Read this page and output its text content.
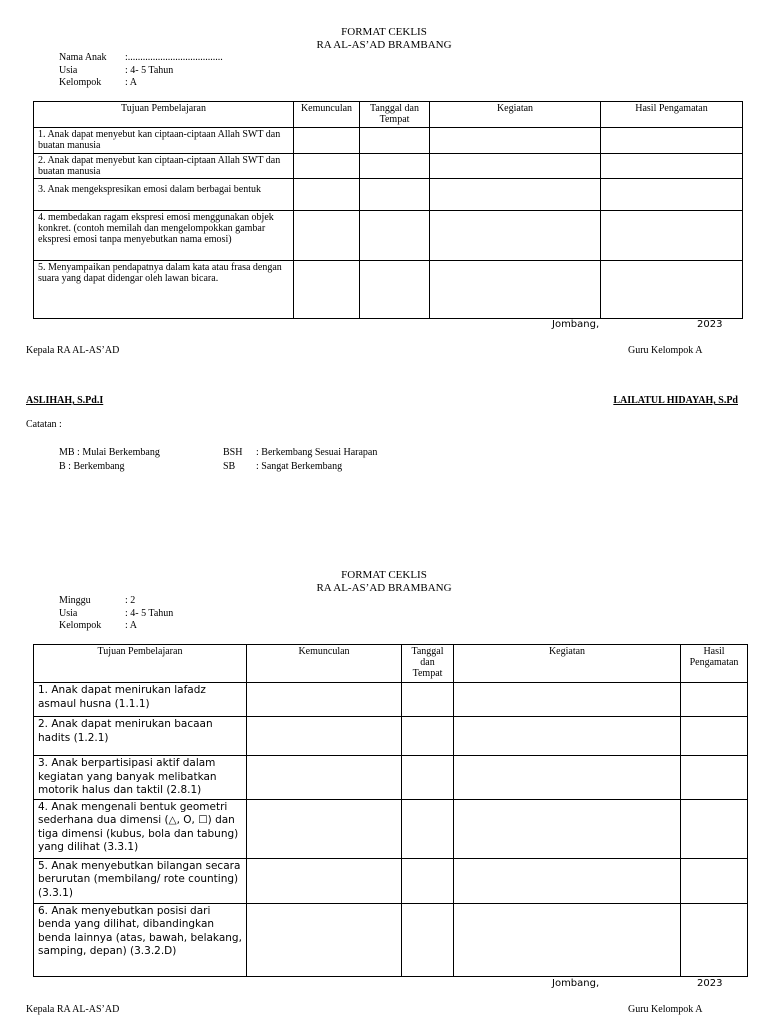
FORMAT CEKLIS
RA AL-AS’AD BRAMBANG
Nama Anak :......................................
Usia	: 4- 5 Tahun
Kelompok : A
Tujuan Pembelajaran	Kemunculan	Tanggal dan Tempat	Kegiatan	Hasil Pengamatan
1. Anak dapat menyebut kan ciptaan-ciptaan Allah SWT dan buatan manusia				
2. Anak dapat menyebut kan ciptaan-ciptaan Allah SWT dan buatan manusia				
3. Anak mengekspresikan emosi dalam berbagai bentuk				
4. membedakan ragam ekspresi emosi menggunakan objek konkret. (contoh memilah dan mengelompokkan gambar ekspresi emosi tanpa menyebutkan nama emosi)				
5. Menyampaikan pendapatnya dalam kata atau frasa dengan suara yang dapat didengar oleh lawan bicara.				
Jombang,	2023
Kepala RA AL-AS’AD	Guru Kelompok A
ASLIHAH, S.Pd.I	LAILATUL HIDAYAH, S.Pd
Catatan :
MB : Mulai Berkembang
B : Berkembang
BSH : Berkembang Sesuai Harapan
SB : Sangat Berkembang
FORMAT CEKLIS
RA AL-AS’AD BRAMBANG
Minggu	: 2
Usia	: 4- 5 Tahun
Kelompok : A
Tujuan Pembelajaran	Kemunculan	Tanggal dan Tempat	Kegiatan	Hasil Pengamatan
1. Anak dapat menirukan lafadz asmaul husna (1.1.1)				
2. Anak dapat menirukan bacaan hadits (1.2.1)				
3. Anak berpartisipasi aktif dalam kegiatan yang banyak melibatkan motorik halus dan taktil (2.8.1)				
4. Anak mengenali bentuk geometri sederhana dua dimensi (△, O, ☐) dan tiga dimensi (kubus, bola dan tabung) yang dilihat (3.3.1)				
5. Anak menyebutkan bilangan secara berurutan (membilang/ rote counting) (3.3.1)				
6. Anak menyebutkan posisi dari benda yang dilihat, dibandingkan benda lainnya (atas, bawah, belakang, samping, depan) (3.3.2.D)				
Jombang,	2023
Kepala RA AL-AS’AD	Guru Kelompok A
